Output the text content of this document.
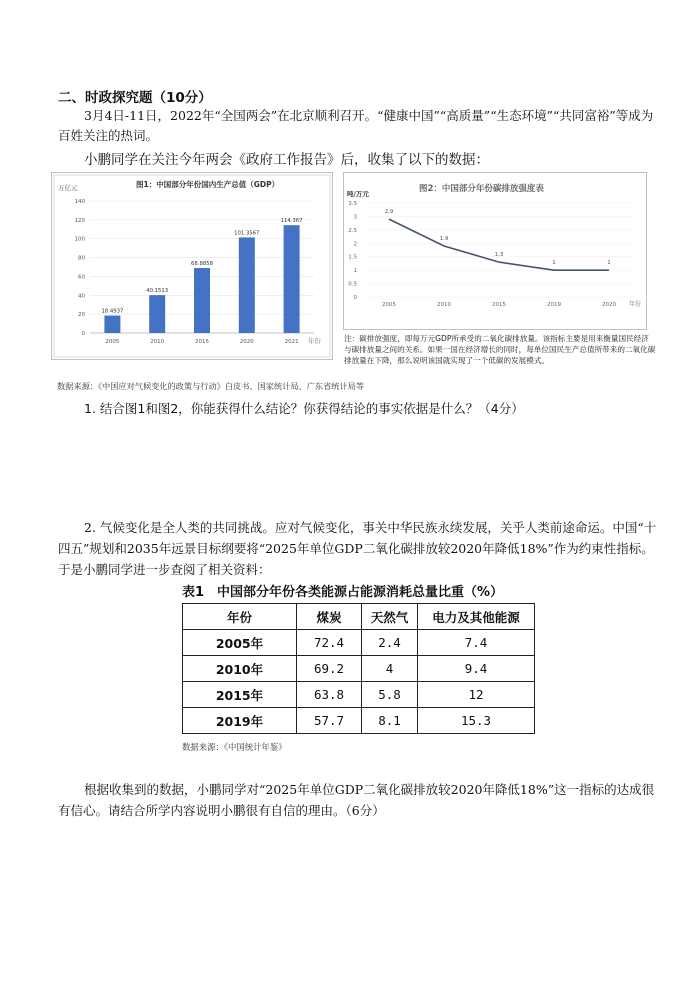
二、时政探究题（10分）
3月4日-11日，2022年“全国两会”在北京顺利召开。“健康中国”“高质量”“生态环境”“共同富裕”等成为百姓关注的热词。
小鹏同学在关注今年两会《政府工作报告》后，收集了以下的数据：
图1：中国部分年份国内生产总值（GDP）
万亿元
年份
0
20
40
60
80
100
120
140
18.4937
40.1513
68.8858
101.3567
114.367
2005	2010	2015	2020	2021
图2：中国部分年份碳排放强度表
吨/万元
年份
0
0.5
1
1.5
2
2.5
3
3.5
2.9
1.9
1.3
1	1
2005	2010	2015	2019	2020
注：碳排放强度，即每万元GDP所承受的二氧化碳排放量。该指标主要是用来衡量国民经济与碳排放量之间的关系。如果一国在经济增长的同时，每单位国民生产总值所带来的二氧化碳排放量在下降，那么说明该国就实现了一个低碳的发展模式。
数据来源：《中国应对气候变化的政策与行动》白皮书、国家统计局、广东省统计局等
1. 结合图1和图2，你能获得什么结论？你获得结论的事实依据是什么？（4分）
2. 气候变化是全人类的共同挑战。应对气候变化，事关中华民族永续发展，关乎人类前途命运。中国“十四五”规划和2035年远景目标纲要将“2025年单位GDP二氧化碳排放较2020年降低18%”作为约束性指标。于是小鹏同学进一步查阅了相关资料：
表1　中国部分年份各类能源占能源消耗总量比重（%）
年份	煤炭	天然气	电力及其他能源
2005年	72.4	2.4	7.4
2010年	69.2	4	9.4
2015年	63.8	5.8	12
2019年	57.7	8.1	15.3
数据来源：《中国统计年鉴》
根据收集到的数据，小鹏同学对“2025年单位GDP二氧化碳排放较2020年降低18%”这一指标的达成很有信心。请结合所学内容说明小鹏很有自信的理由。（6分）
